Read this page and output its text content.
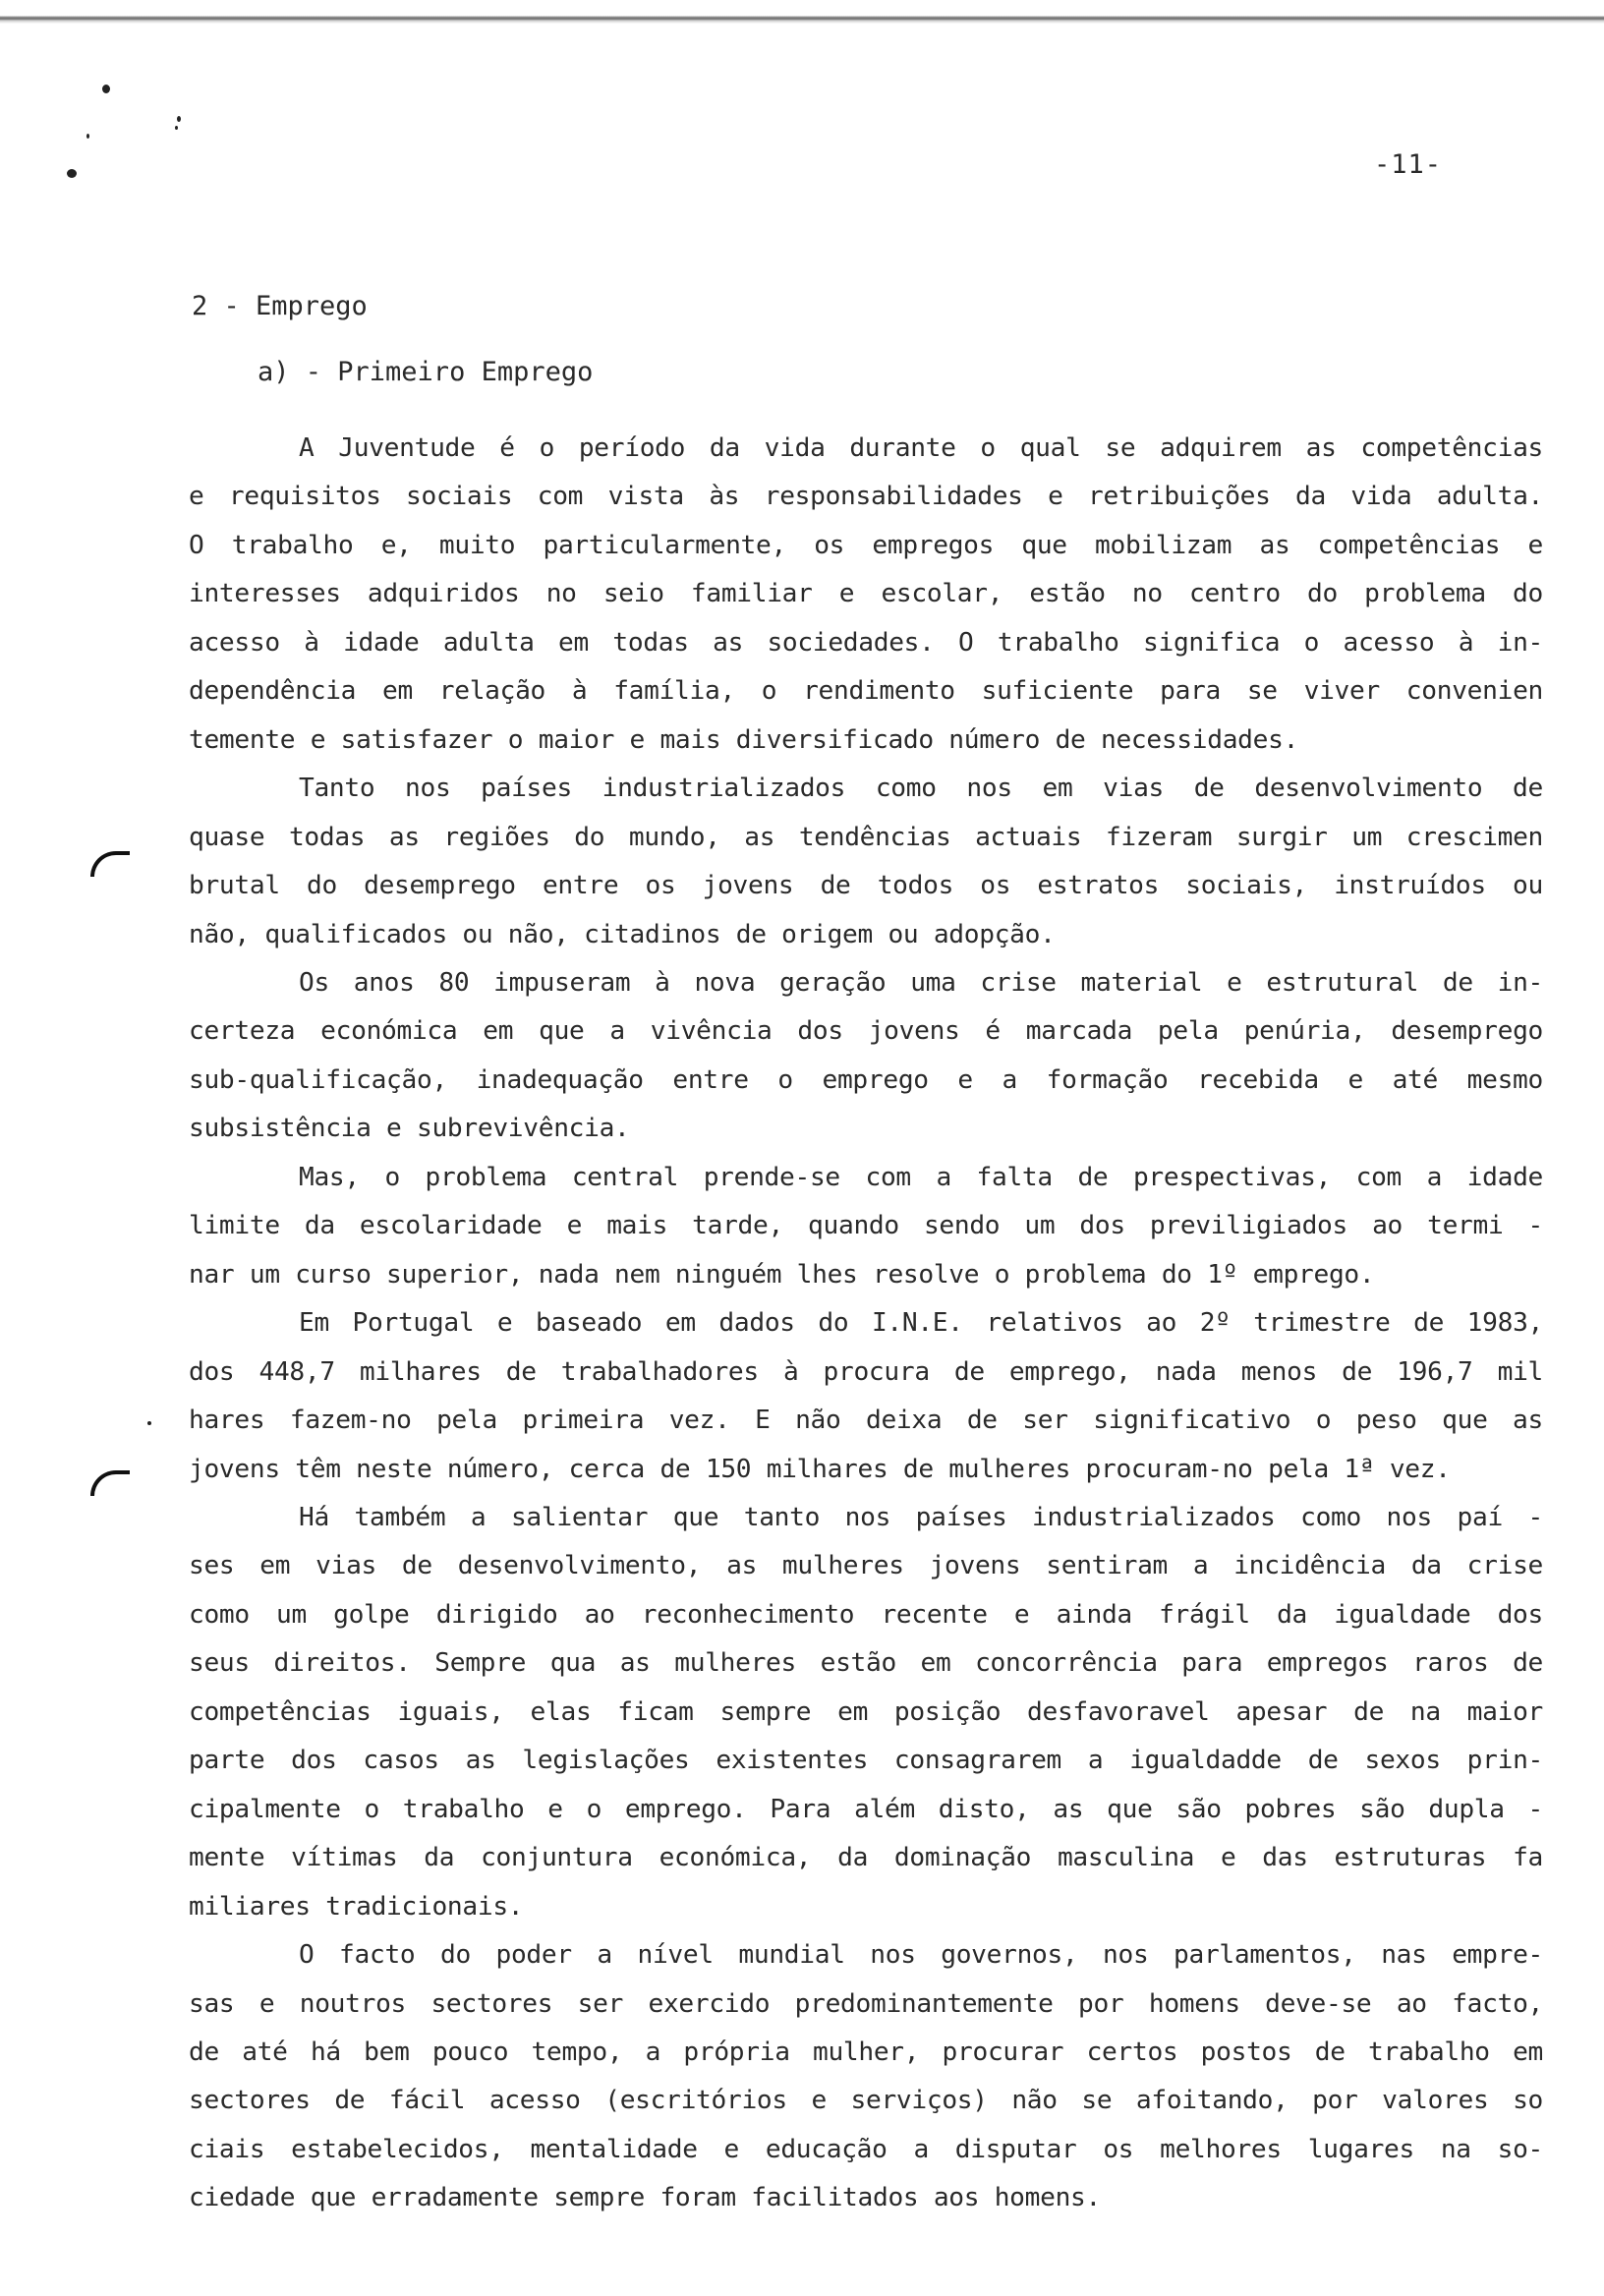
-11-
2 - Emprego
a) - Primeiro Emprego
A Juventude é o período da vida durante o qual se adquirem as competências
e requisitos sociais com vista às responsabilidades e retribuições da vida adulta.
O trabalho e, muito particularmente, os empregos que mobilizam as competências e
interesses adquiridos no seio familiar e escolar, estão no centro do problema do
acesso à idade adulta em todas as sociedades. O trabalho significa o acesso à in-
dependência em relação à família, o rendimento suficiente para se viver convenien
temente e satisfazer o maior e mais diversificado número de necessidades.
Tanto nos países industrializados como nos em vias de desenvolvimento de
quase todas as regiões do mundo, as tendências actuais fizeram surgir um crescimen
brutal do desemprego entre os jovens de todos os estratos sociais, instruídos ou
não, qualificados ou não, citadinos de origem ou adopção.
Os anos 80 impuseram à nova geração uma crise material e estrutural de in-
certeza económica em que a vivência dos jovens é marcada pela penúria, desemprego
sub-qualificação, inadequação entre o emprego e a formação recebida e até mesmo
subsistência e subrevivência.
Mas, o problema central prende-se com a falta de prespectivas, com a idade
limite da escolaridade e mais tarde, quando sendo um dos previligiados ao termi -
nar um curso superior, nada nem ninguém lhes resolve o problema do 1º emprego.
Em Portugal e baseado em dados do I.N.E. relativos ao 2º trimestre de 1983,
dos 448,7 milhares de trabalhadores à procura de emprego, nada menos de 196,7 mil
hares fazem-no pela primeira vez. E não deixa de ser significativo o peso que as
jovens têm neste número, cerca de 150 milhares de mulheres procuram-no pela 1ª vez.
Há também a salientar que tanto nos países industrializados como nos paí -
ses em vias de desenvolvimento, as mulheres jovens sentiram a incidência da crise
como um golpe dirigido ao reconhecimento recente e ainda frágil da igualdade dos
seus direitos. Sempre qua as mulheres estão em concorrência para empregos raros de
competências iguais, elas ficam sempre em posição desfavoravel apesar de na maior
parte dos casos as legislações existentes consagrarem a igualdadde de sexos prin-
cipalmente o trabalho e o emprego. Para além disto, as que são pobres são dupla -
mente vítimas da conjuntura económica, da dominação masculina e das estruturas fa
miliares tradicionais.
O facto do poder a nível mundial nos governos, nos parlamentos, nas empre-
sas e noutros sectores ser exercido predominantemente por homens deve-se ao facto,
de até há bem pouco tempo, a própria mulher, procurar certos postos de trabalho em
sectores de fácil acesso (escritórios e serviços) não se afoitando, por valores so
ciais estabelecidos, mentalidade e educação a disputar os melhores lugares na so-
ciedade que erradamente sempre foram facilitados aos homens.
